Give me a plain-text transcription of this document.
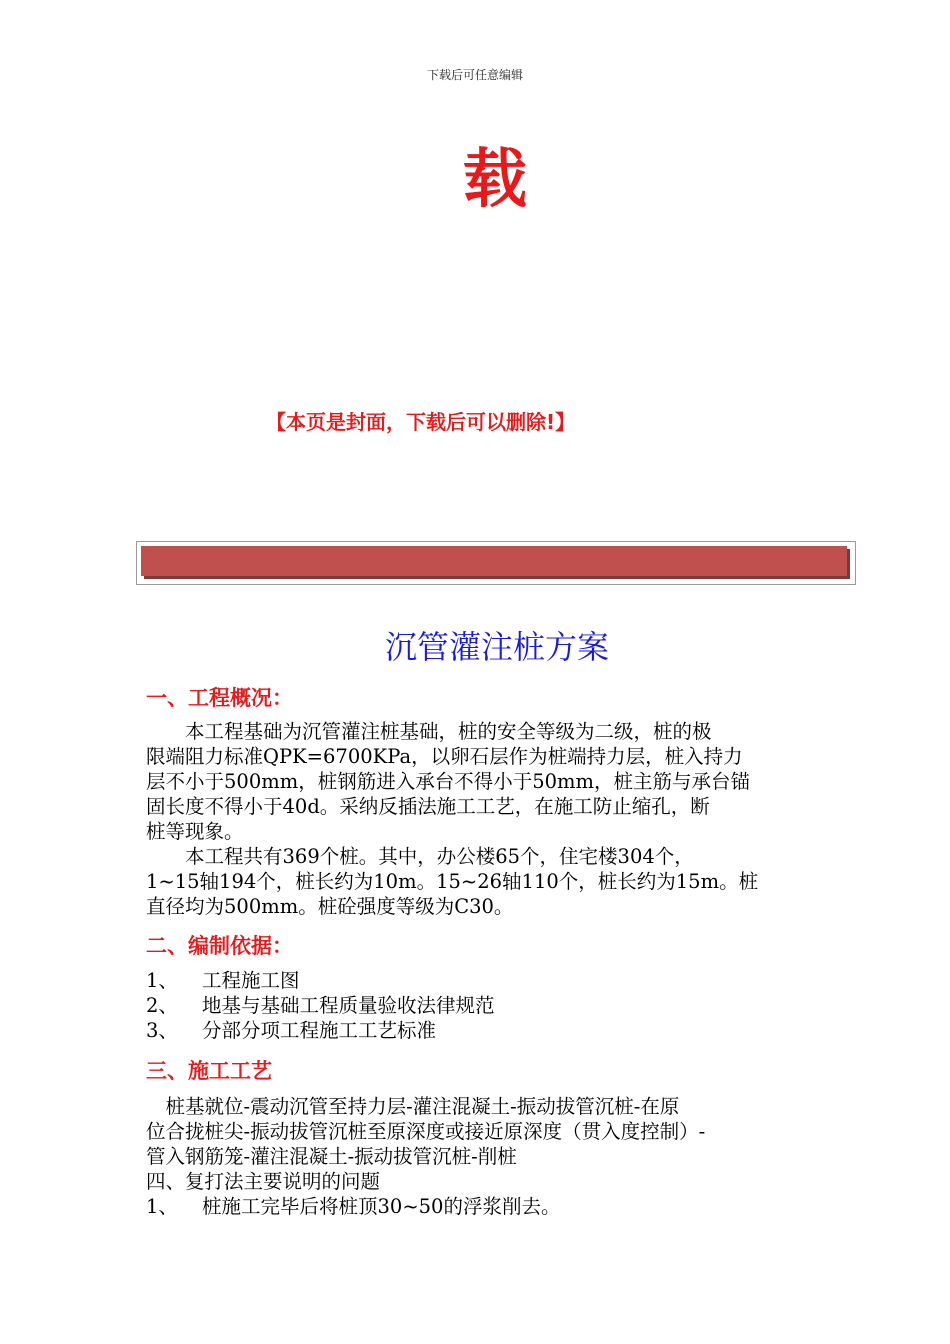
下载后可任意编辑
载
【本页是封面，下载后可以删除!】
沉管灌注桩方案
一、工程概况：
　　本工程基础为沉管灌注桩基础，桩的安全等级为二级，桩的极
限端阻力标准QPK=6700KPa，以卵石层作为桩端持力层，桩入持力
层不小于500mm，桩钢筋进入承台不得小于50mm，桩主筋与承台锚
固长度不得小于40d。采纳反插法施工工艺，在施工防止缩孔，断
桩等现象。
　　本工程共有369个桩。其中，办公楼65个，住宅楼304个，
1~15轴194个，桩长约为10m。15~26轴110个，桩长约为15m。桩
直径均为500mm。桩砼强度等级为C30。
二、编制依据：
1、 工程施工图
2、 地基与基础工程质量验收法律规范
3、 分部分项工程施工工艺标准
三、施工工艺
　桩基就位-震动沉管至持力层-灌注混凝土-振动拔管沉桩-在原
位合拢桩尖-振动拔管沉桩至原深度或接近原深度（贯入度控制）-
管入钢筋笼-灌注混凝土-振动拔管沉桩-削桩
四、复打法主要说明的问题
1、 桩施工完毕后将桩顶30~50的浮浆削去。
